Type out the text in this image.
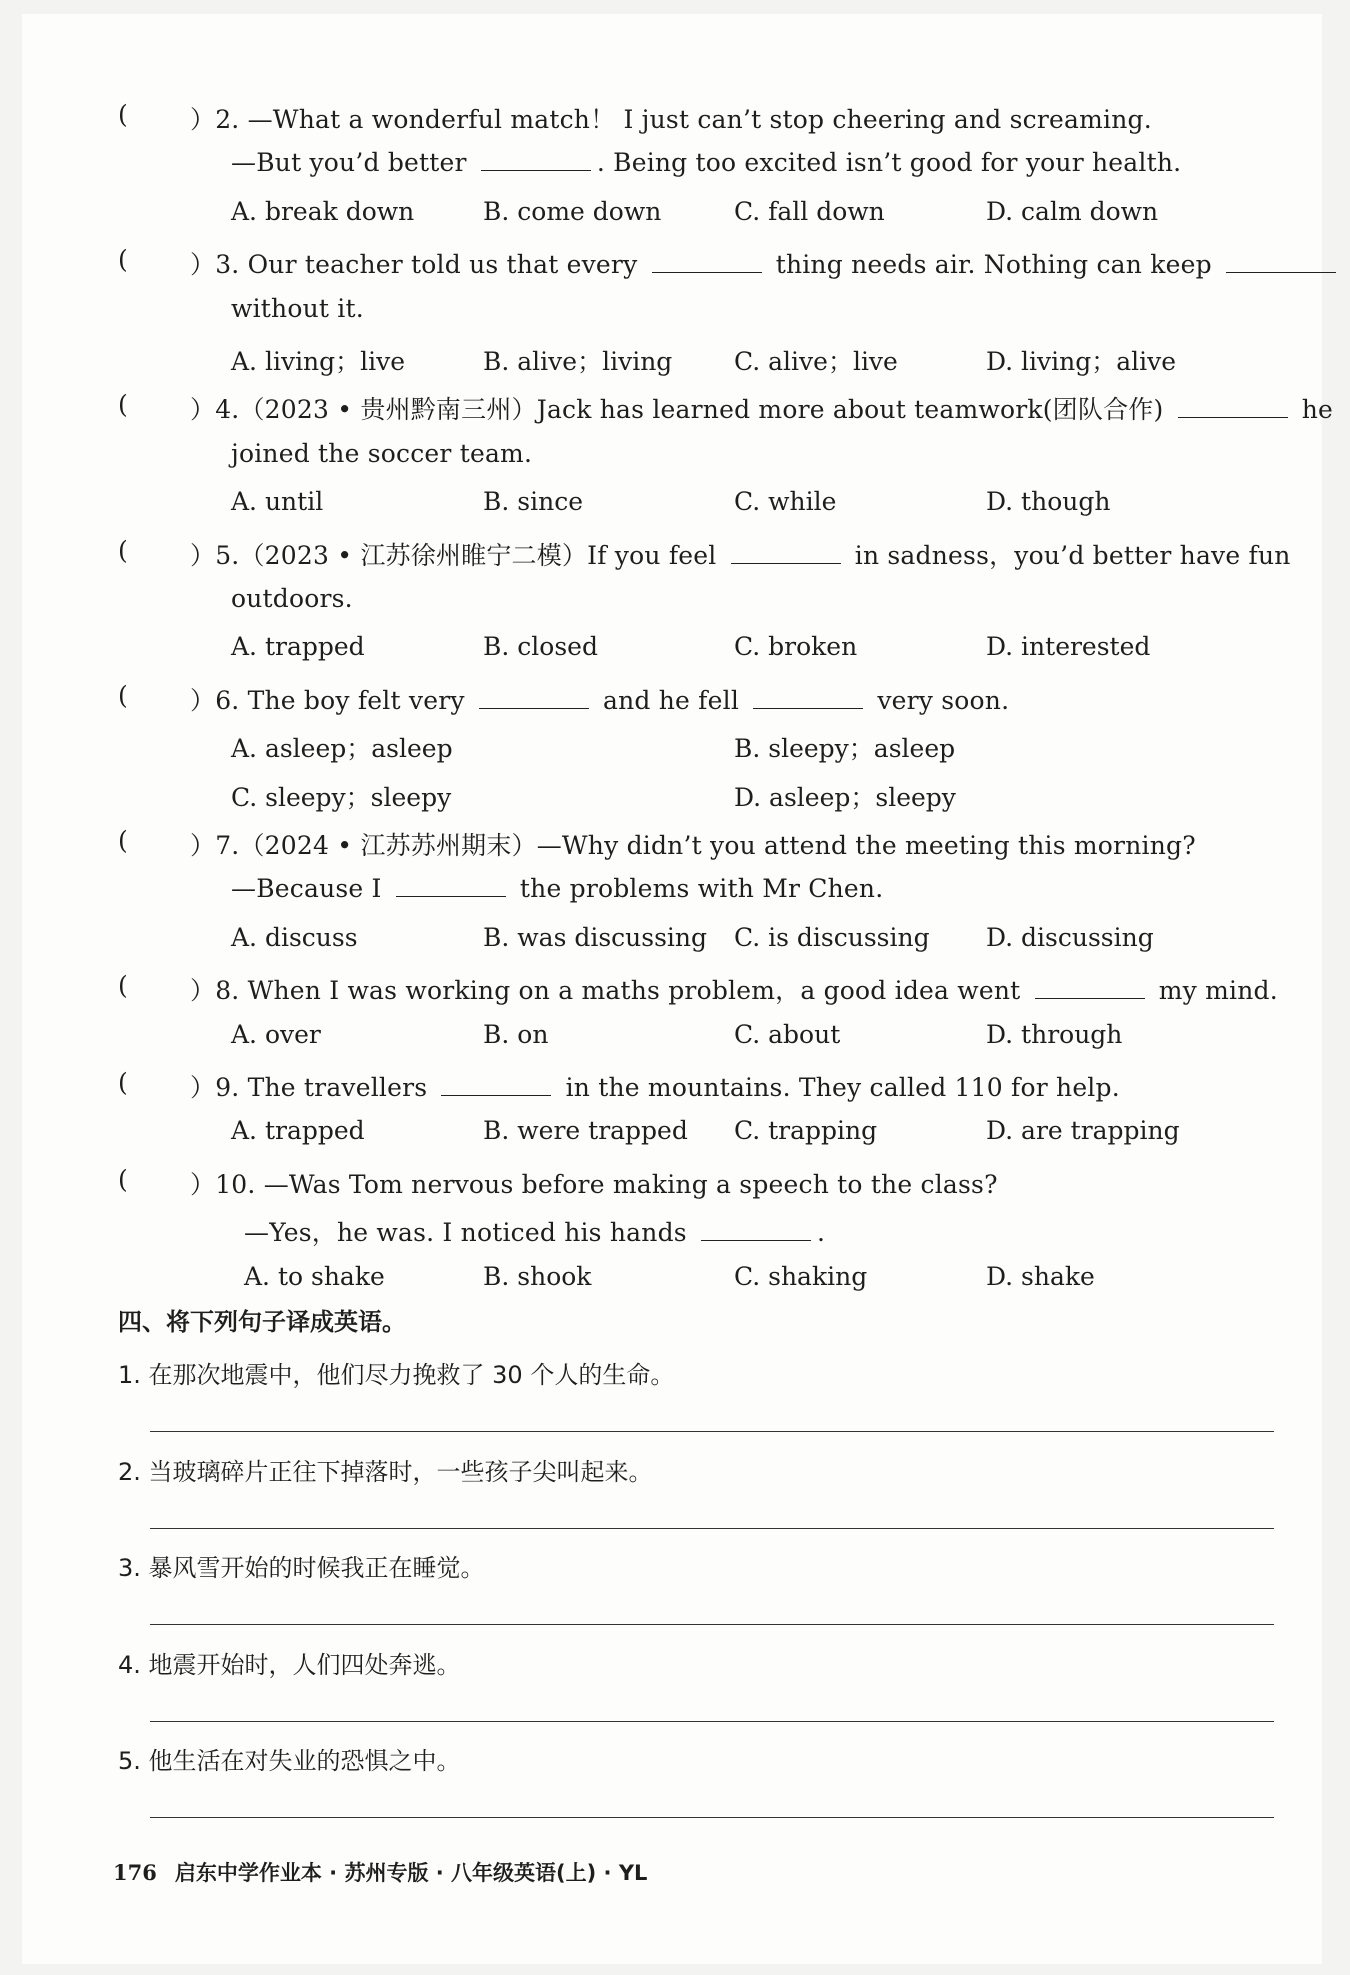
( ）2. —What a wonderful match！ I just can’t stop cheering and screaming.
—But you’d better	. Being too excited isn’t good for your health.
A. break down	B. come down	C. fall down	D. calm down
( ）3. Our teacher told us that every	thing needs air. Nothing can keep
without it.
A. living；live	B. alive；living C. alive；live	D. living；alive
( ）4.（2023 • 贵州黔南三州）Jack has learned more about teamwork(团队合作)	he
joined the soccer team.
A. until	B. since	C. while	D. though
( ）5.（2023 • 江苏徐州睢宁二模）If you feel	in sadness，you’d better have fun
outdoors.
A. trapped	B. closed	C. broken	D. interested
( ）6. The boy felt very	and he fell	very soon.
A. asleep；asleep	B. sleepy；asleep
C. sleepy；sleepy	D. asleep；sleepy
( ）7.（2024 • 江苏苏州期末）—Why didn’t you attend the meeting this morning?
—Because I	the problems with Mr Chen.
A. discuss	B. was discussing C. is discussing D. discussing
( ）8. When I was working on a maths problem，a good idea went	my mind.
A. over	B. on	C. about	D. through
( ）9. The travellers	in the mountains. They called 110 for help.
A. trapped	B. were trapped C. trapping	D. are trapping
( ）10. —Was Tom nervous before making a speech to the class?
—Yes，he was. I noticed his hands	.
A. to shake	B. shook	C. shaking	D. shake
四、将下列句子译成英语。
1. 在那次地震中，他们尽力挽救了 30 个人的生命。
2. 当玻璃碎片正往下掉落时，一些孩子尖叫起来。
3. 暴风雪开始的时候我正在睡觉。
4. 地震开始时，人们四处奔逃。
5. 他生活在对失业的恐惧之中。
176 启东中学作业本 · 苏州专版 · 八年级英语(上) · YL
